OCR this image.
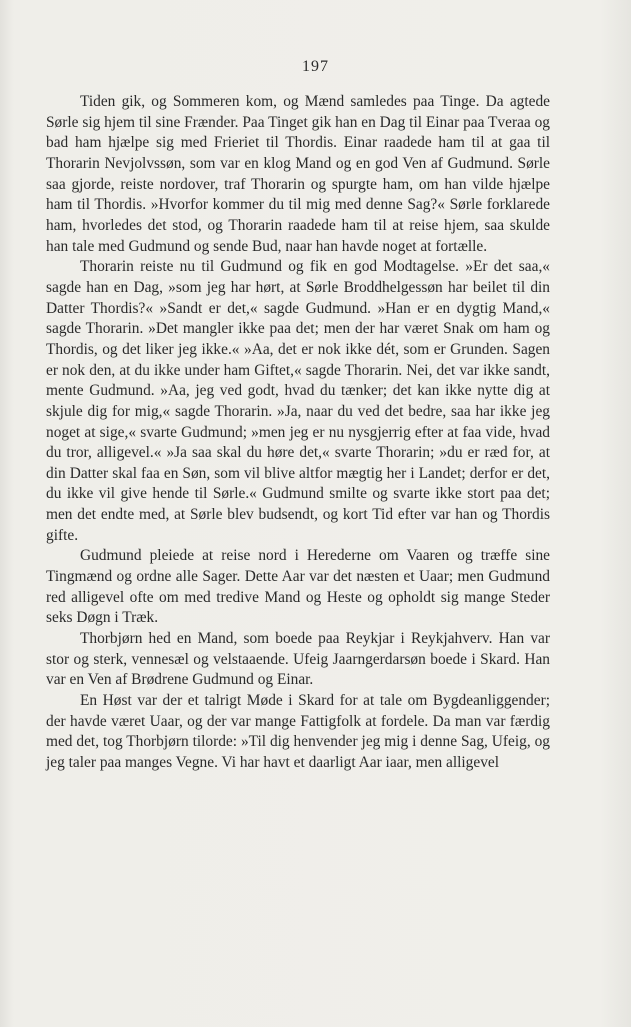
197

Tiden gik, og Sommeren kom, og Mænd samledes paa Tinge. Da agtede Sørle sig hjem til sine Frænder. Paa Tinget gik han en Dag til Einar paa Tveraa og bad ham hjælpe sig med Frieriet til Thordis. Einar raadede ham til at gaa til Thorarin Nevjolvssøn, som var en klog Mand og en god Ven af Gudmund. Sørle saa gjorde, reiste nordover, traf Thorarin og spurgte ham, om han vilde hjælpe ham til Thordis. »Hvorfor kommer du til mig med denne Sag?« Sørle forklarede ham, hvorledes det stod, og Thorarin raadede ham til at reise hjem, saa skulde han tale med Gudmund og sende Bud, naar han havde noget at fortælle.

Thorarin reiste nu til Gudmund og fik en god Modtagelse. »Er det saa,« sagde han en Dag, »som jeg har hørt, at Sørle Broddhelgessøn har beilet til din Datter Thordis?« »Sandt er det,« sagde Gudmund. »Han er en dygtig Mand,« sagde Thorarin. »Det mangler ikke paa det; men der har været Snak om ham og Thordis, og det liker jeg ikke.« »Aa, det er nok ikke dét, som er Grunden. Sagen er nok den, at du ikke under ham Giftet,« sagde Thorarin. Nei, det var ikke sandt, mente Gudmund. »Aa, jeg ved godt, hvad du tænker; det kan ikke nytte dig at skjule dig for mig,« sagde Thorarin. »Ja, naar du ved det bedre, saa har ikke jeg noget at sige,« svarte Gudmund; »men jeg er nu nysgjerrig efter at faa vide, hvad du tror, alligevel.« »Ja saa skal du høre det,« svarte Thorarin; »du er ræd for, at din Datter skal faa en Søn, som vil blive altfor mægtig her i Landet; derfor er det, du ikke vil give hende til Sørle.« Gudmund smilte og svarte ikke stort paa det; men det endte med, at Sørle blev budsendt, og kort Tid efter var han og Thordis gifte.

Gudmund pleiede at reise nord i Herederne om Vaaren og træffe sine Tingmænd og ordne alle Sager. Dette Aar var det næsten et Uaar; men Gudmund red alligevel ofte om med tredive Mand og Heste og opholdt sig mange Steder seks Døgn i Træk.

Thorbjørn hed en Mand, som boede paa Reykjar i Reykjahverv. Han var stor og sterk, vennesæl og velstaaende. Ufeig Jaarngerdarsøn boede i Skard. Han var en Ven af Brødrene Gudmund og Einar.

En Høst var der et talrigt Møde i Skard for at tale om Bygdeanliggender; der havde været Uaar, og der var mange Fattigfolk at fordele. Da man var færdig med det, tog Thorbjørn tilorde: »Til dig henvender jeg mig i denne Sag, Ufeig, og jeg taler paa manges Vegne. Vi har havt et daarligt Aar iaar, men alligevel
